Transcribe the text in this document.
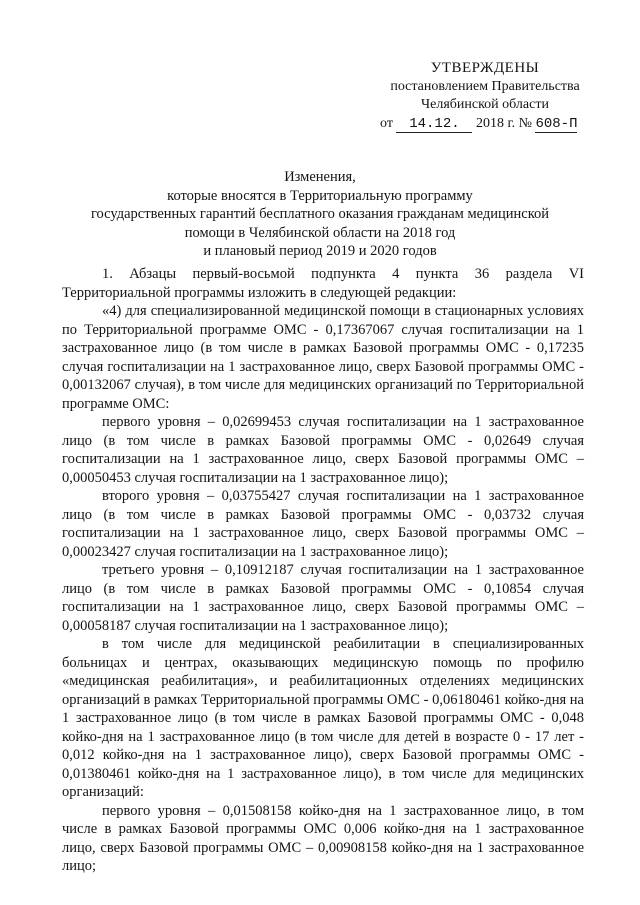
УТВЕРЖДЕНЫ
постановлением Правительства
Челябинской области
от 14.12. 2018 г. № 608-П
Изменения,
которые вносятся в Территориальную программу
государственных гарантий бесплатного оказания гражданам медицинской
помощи в Челябинской области на 2018 год
и плановый период 2019 и 2020 годов

1. Абзацы первый-восьмой подпункта 4 пункта 36 раздела VI Территориальной программы изложить в следующей редакции:

«4) для специализированной медицинской помощи в стационарных условиях по Территориальной программе ОМС - 0,17367067 случая госпитализации на 1 застрахованное лицо (в том числе в рамках Базовой программы ОМС - 0,17235 случая госпитализации на 1 застрахованное лицо, сверх Базовой программы ОМС - 0,00132067 случая), в том числе для медицинских организаций по Территориальной программе ОМС:

первого уровня – 0,02699453 случая госпитализации на 1 застрахованное лицо (в том числе в рамках Базовой программы ОМС - 0,02649 случая госпитализации на 1 застрахованное лицо, сверх Базовой программы ОМС – 0,00050453 случая госпитализации на 1 застрахованное лицо);

второго уровня – 0,03755427 случая госпитализации на 1 застрахованное лицо (в том числе в рамках Базовой программы ОМС - 0,03732 случая госпитализации на 1 застрахованное лицо, сверх Базовой программы ОМС – 0,00023427 случая госпитализации на 1 застрахованное лицо);

третьего уровня – 0,10912187 случая госпитализации на 1 застрахованное лицо (в том числе в рамках Базовой программы ОМС - 0,10854 случая госпитализации на 1 застрахованное лицо, сверх Базовой программы ОМС – 0,00058187 случая госпитализации на 1 застрахованное лицо);

в том числе для медицинской реабилитации в специализированных больницах и центрах, оказывающих медицинскую помощь по профилю «медицинская реабилитация», и реабилитационных отделениях медицинских организаций в рамках Территориальной программы ОМС - 0,06180461 койко-дня на 1 застрахованное лицо (в том числе в рамках Базовой программы ОМС - 0,048 койко-дня на 1 застрахованное лицо (в том числе для детей в возрасте 0 - 17 лет - 0,012 койко-дня на 1 застрахованное лицо), сверх Базовой программы ОМС - 0,01380461 койко-дня на 1 застрахованное лицо), в том числе для медицинских организаций:

первого уровня – 0,01508158 койко-дня на 1 застрахованное лицо, в том числе в рамках Базовой программы ОМС 0,006 койко-дня на 1 застрахованное лицо, сверх Базовой программы ОМС – 0,00908158 койко-дня на 1 застрахованное лицо;
